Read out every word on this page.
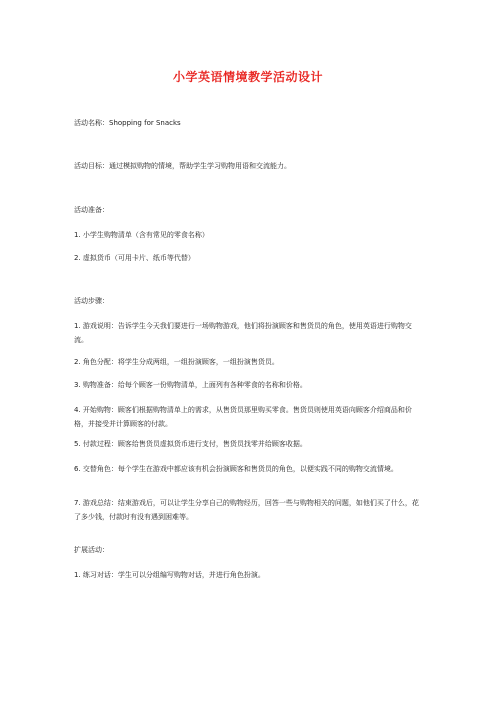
小学英语情境教学活动设计

活动名称：Shopping for Snacks

活动目标：通过模拟购物的情境，帮助学生学习购物用语和交流能力。

活动准备：

1. 小学生购物清单（含有常见的零食名称）

2. 虚拟货币（可用卡片、纸币等代替）

活动步骤：

1. 游戏说明：告诉学生今天我们要进行一场购物游戏，他们将扮演顾客和售货员的角色，使用英语进行购物交流。

2. 角色分配：将学生分成两组，一组扮演顾客，一组扮演售货员。

3. 购物准备：给每个顾客一份购物清单，上面列有各种零食的名称和价格。

4. 开始购物：顾客们根据购物清单上的需求，从售货员那里购买零食。售货员则使用英语向顾客介绍商品和价格，并接受并计算顾客的付款。

5. 付款过程：顾客给售货员虚拟货币进行支付，售货员找零并给顾客收据。

6. 交替角色：每个学生在游戏中都应该有机会扮演顾客和售货员的角色，以便实践不同的购物交流情境。

7. 游戏总结：结束游戏后，可以让学生分享自己的购物经历，回答一些与购物相关的问题，如他们买了什么，花了多少钱，付款时有没有遇到困难等。

扩展活动：

1. 练习对话：学生可以分组编写购物对话，并进行角色扮演。
